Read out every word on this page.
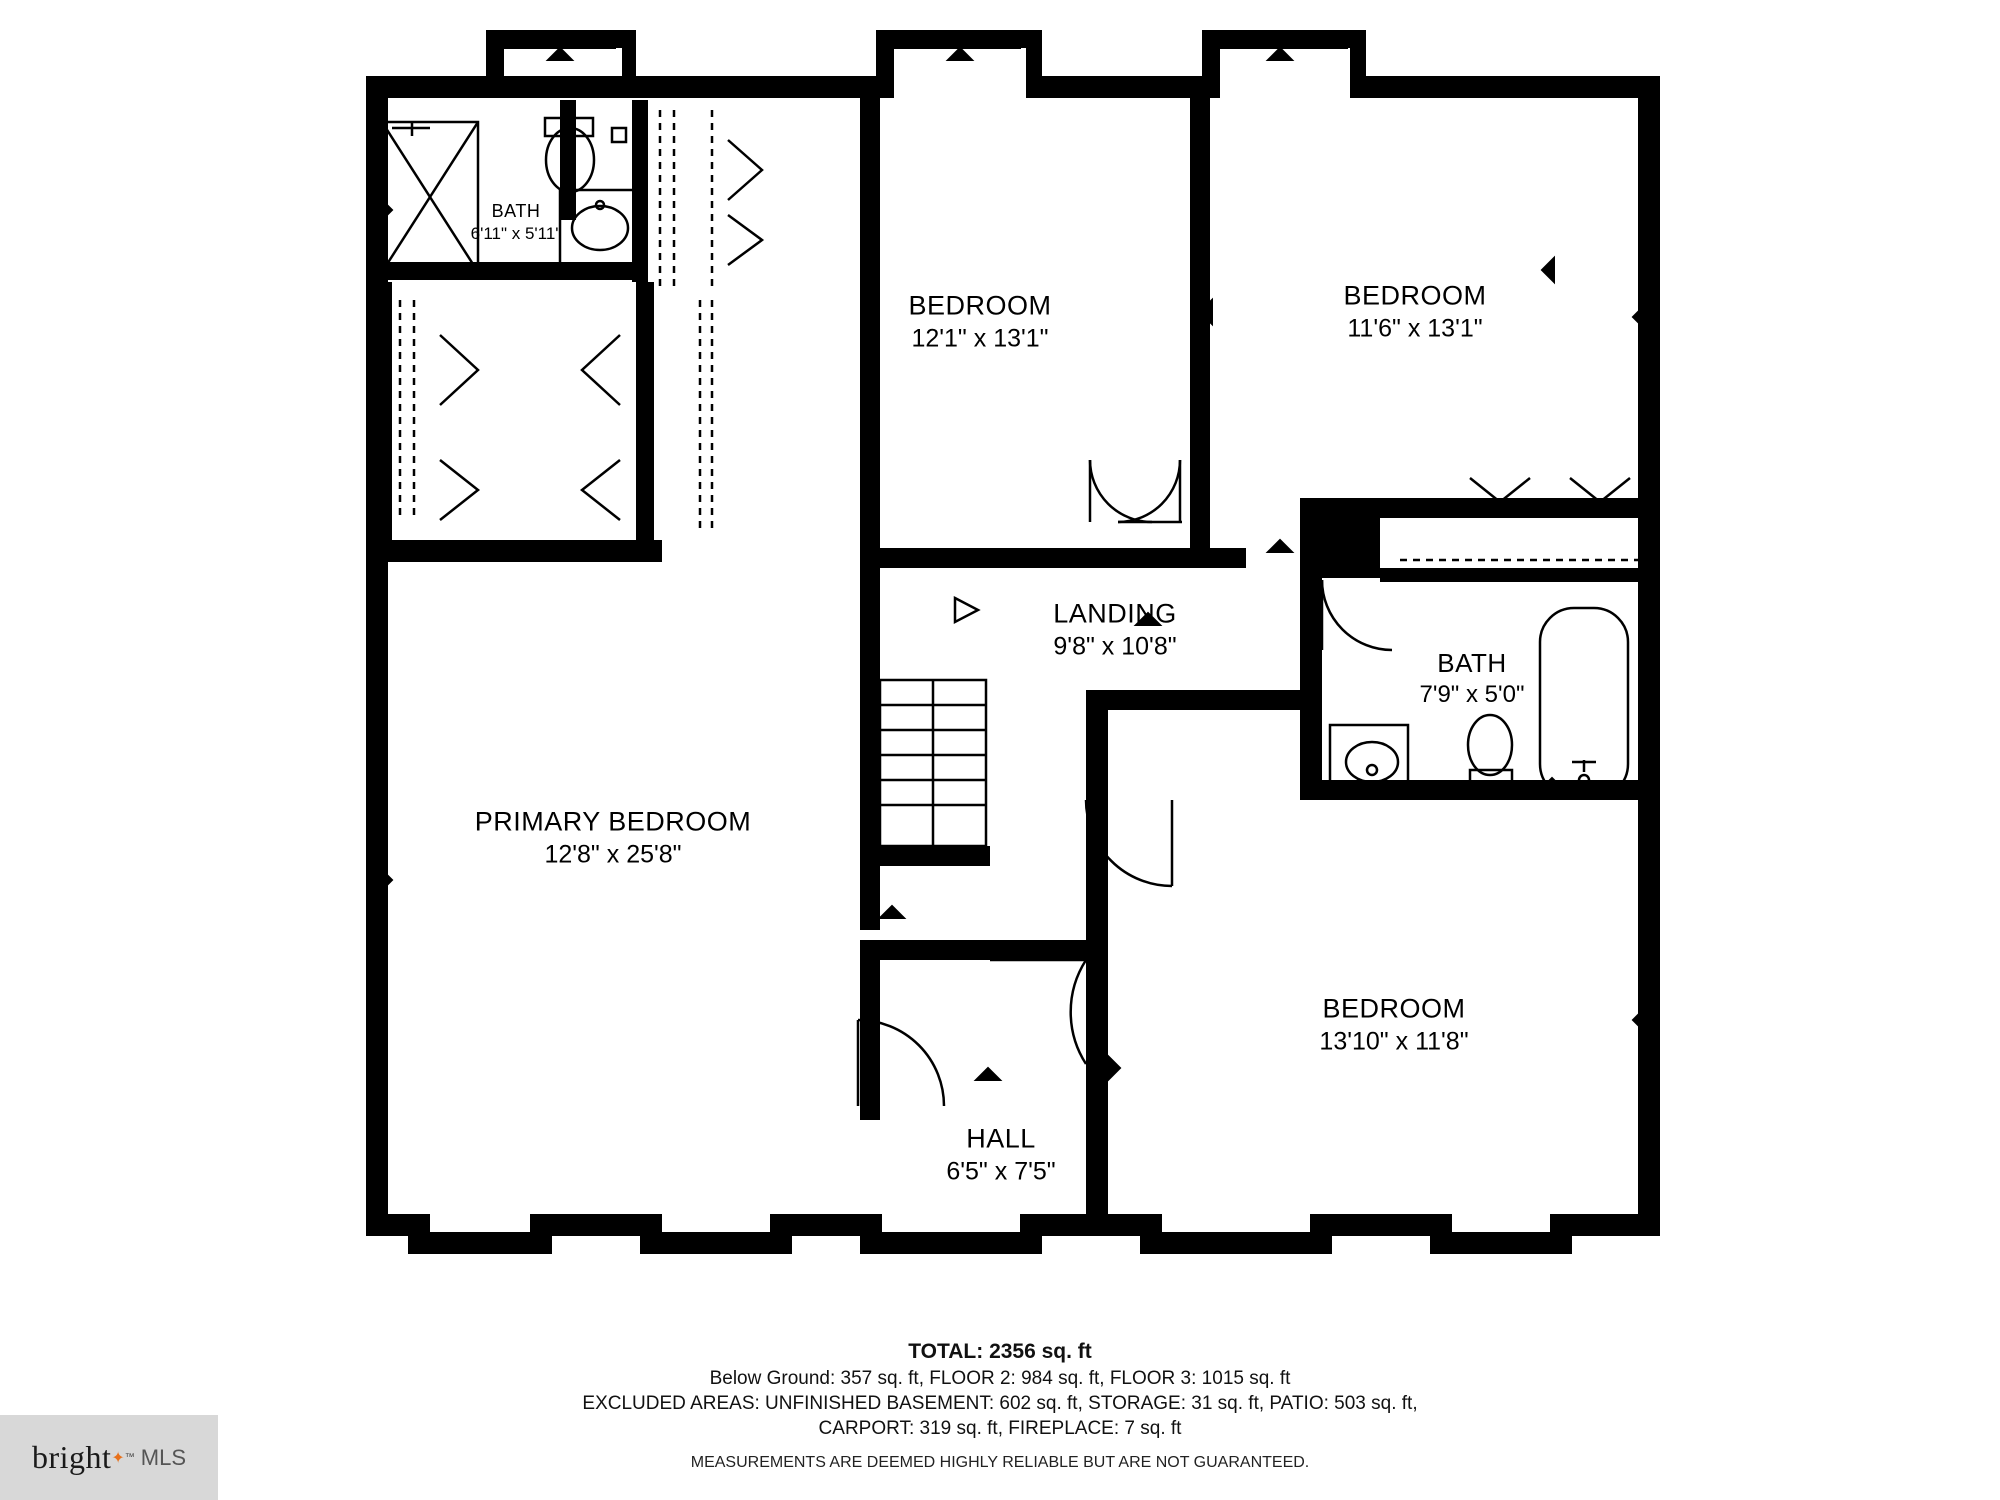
BATH
6'11" x 5'11"
BEDROOM
12'1" x 13'1"
BEDROOM
11'6" x 13'1"
LANDING
9'8" x 10'8"
BATH
7'9" x 5'0"
PRIMARY BEDROOM
12'8" x 25'8"
BEDROOM
13'10" x 11'8"
HALL
6'5" x 7'5"
TOTAL: 2356 sq. ft
Below Ground: 357 sq. ft, FLOOR 2: 984 sq. ft, FLOOR 3: 1015 sq. ft
EXCLUDED AREAS: UNFINISHED BASEMENT: 602 sq. ft, STORAGE: 31 sq. ft, PATIO: 503 sq. ft,
CARPORT: 319 sq. ft, FIREPLACE: 7 sq. ft
MEASUREMENTS ARE DEEMED HIGHLY RELIABLE BUT ARE NOT GUARANTEED.
bright ✦ ™ MLS
